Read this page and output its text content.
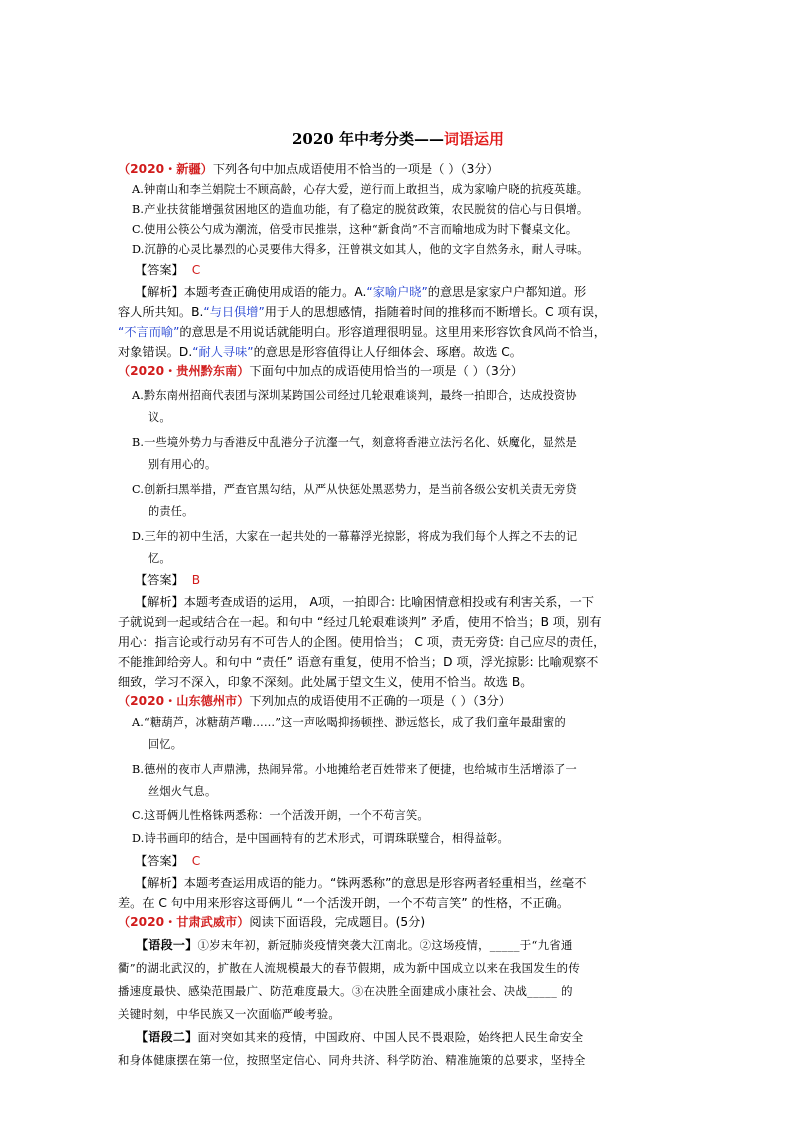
2020 年中考分类——词语运用
（2020・新疆）下列各句中加点成语使用不恰当的一项是（ ）（3分）
A.钟南山和李兰娟院士不顾高龄，心存大爱，逆行而上敢担当，成为家喻户晓的抗疫英雄。
B.产业扶贫能增强贫困地区的造血功能，有了稳定的脱贫政策，农民脱贫的信心与日俱增。
C.使用公筷公勺成为潮流，倍受市民推崇，这种“新食尚”不言而喻地成为时下餐桌文化。
D.沉静的心灵比暴烈的心灵要伟大得多，汪曾祺文如其人，他的文字自然务永，耐人寻味。
【答案】 C
【解析】本题考查正确使用成语的能力。A.“家喻户晓”的意思是家家户户都知道。形
容人所共知。B.“与日俱增”用于人的思想感情，指随着时间的推移而不断增长。C 项有误，
“不言而喻”的意思是不用说话就能明白。形容道理很明显。这里用来形容饮食风尚不恰当，
对象错误。D.“耐人寻味”的意思是形容值得让人仔细体会、琢磨。故选 C。
（2020・贵州黔东南）下面句中加点的成语使用恰当的一项是（ ）（3分）
A.黔东南州招商代表团与深圳某跨国公司经过几轮艰难谈判，最终一拍即合，达成投资协
议。
B.一些境外势力与香港反中乱港分子沆瀣一气，刻意将香港立法污名化、妖魔化，显然是
别有用心的。
C.创新扫黑举措，严查官黑勾结，从严从快惩处黑恶势力，是当前各级公安机关责无旁贷
的责任。
D.三年的初中生活，大家在一起共处的一幕幕浮光掠影，将成为我们每个人挥之不去的记
忆。
【答案】 B
【解析】本题考查成语的运用， A项，一拍即合: 比喻困情意相投或有利害关系，一下
子就说到一起或结合在一起。和句中 “经过几轮艰难谈判” 矛盾，使用不恰当；B 项，别有
用心：指言论或行动另有不可告人的企图。使用恰当； C 项，责无旁贷: 自己应尽的责任，
不能推卸给旁人。和句中 “责任” 语意有重复，使用不恰当；D 项，浮光掠影: 比喻观察不
细致，学习不深入，印象不深刻。此处属于望文生义，使用不恰当。故选 B。
（2020・山东德州市）下列加点的成语使用不正确的一项是（ ）（3分）
A.“糖葫芦，冰糖葫芦嘞……”这一声吆喝抑扬顿挫、渺远悠长，成了我们童年最甜蜜的
回忆。
B.德州的夜市人声鼎沸，热闹异常。小地摊给老百姓带来了便捷，也给城市生活增添了一
丝烟火气息。
C.这哥俩儿性格铢两悉称：一个活泼开朗，一个不苟言笑。
D.诗书画印的结合，是中国画特有的艺术形式，可谓珠联璧合，相得益彰。
【答案】 C
【解析】本题考查运用成语的能力。“铢两悉称”的意思是形容两者轻重相当，丝毫不
差。在 C 句中用来形容这哥俩儿 “一个活泼开朗，一个不苟言笑” 的性格，不正确。
（2020・甘肃武威市）阅读下面语段，完成题目。(5分)
【语段一】①岁末年初，新冠肺炎疫情突袭大江南北。②这场疫情，_____于“九省通
衢”的湖北武汉的，扩散在人流规模最大的春节假期，成为新中国成立以来在我国发生的传
播速度最快、感染范围最广、防范难度最大。③在决胜全面建成小康社会、决战_____ 的
关键时刻，中华民族又一次面临严峻考验。
【语段二】面对突如其来的疫情，中国政府、中国人民不畏艰险，始终把人民生命安全
和身体健康摆在第一位，按照坚定信心、同舟共济、科学防治、精准施策的总要求，坚持全
